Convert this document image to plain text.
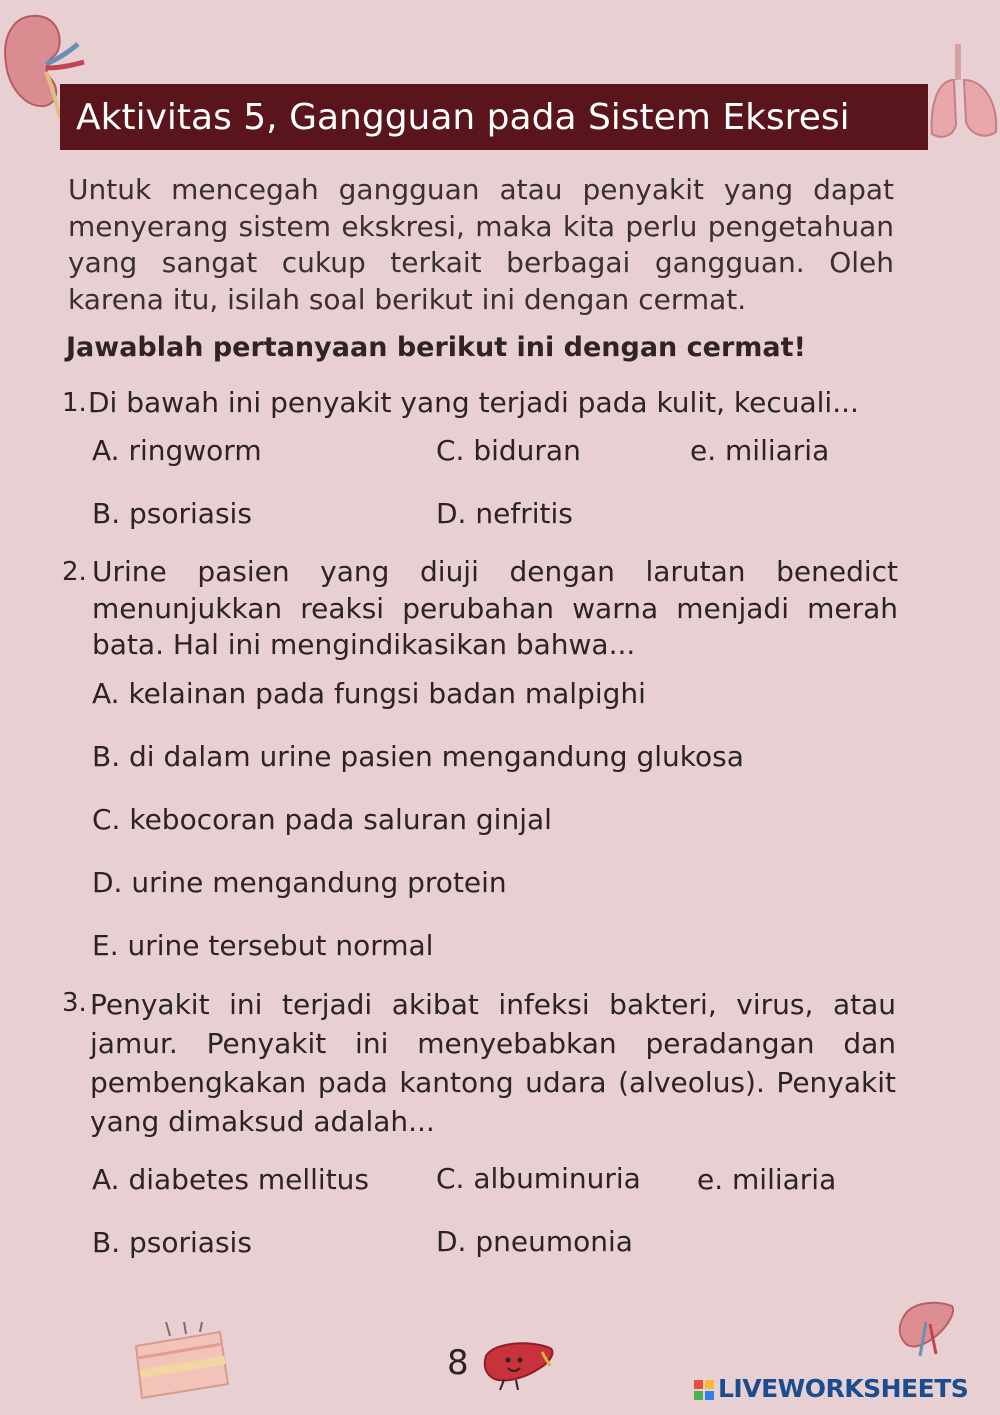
Aktivitas 5, Gangguan pada Sistem Eksresi
Untuk mencegah gangguan atau penyakit yang dapat menyerang sistem ekskresi, maka kita perlu pengetahuan yang sangat cukup terkait berbagai gangguan. Oleh karena itu, isilah soal berikut ini dengan cermat.
Jawablah pertanyaan berikut ini dengan cermat!
1. Di bawah ini penyakit yang terjadi pada kulit, kecuali...
A. ringworm	C. biduran	e. miliaria
B. psoriasis	D. nefritis
2. Urine pasien yang diuji dengan larutan benedict menunjukkan reaksi perubahan warna menjadi merah bata. Hal ini mengindikasikan bahwa...
A. kelainan pada fungsi badan malpighi
B. di dalam urine pasien mengandung glukosa
C. kebocoran pada saluran ginjal
D. urine mengandung protein
E. urine tersebut normal
3. Penyakit ini terjadi akibat infeksi bakteri, virus, atau jamur. Penyakit ini menyebabkan peradangan dan pembengkakan pada kantong udara (alveolus). Penyakit yang dimaksud adalah...
A. diabetes mellitus C. albuminuria e. miliaria
B. psoriasis	D. pneumonia
8
LIVEWORKSHEETS
